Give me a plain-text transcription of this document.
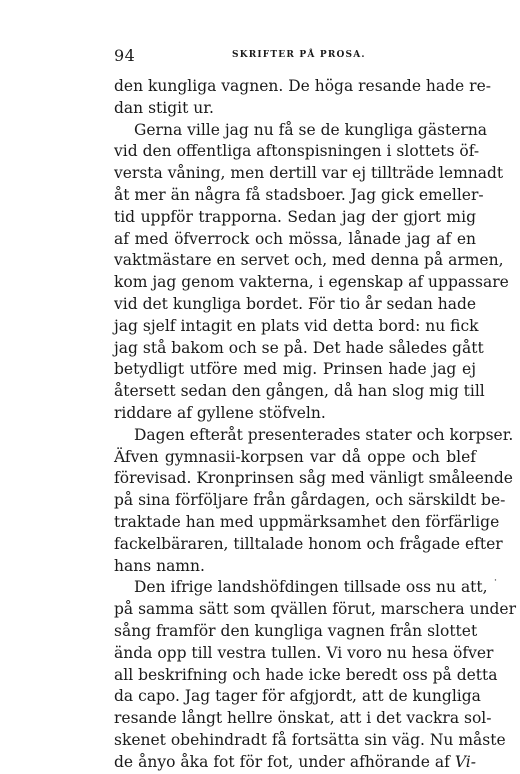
94	SKRIFTER PÅ PROSA.
den kungliga vagnen. De höga resande hade re-
dan stigit ur.
Gerna ville jag nu få se de kungliga gästerna
vid den offentliga aftonspisningen i slottets öf-
versta våning, men dertill var ej tillträde lemnadt
åt mer än några få stadsboer. Jag gick emeller-
tid uppför trapporna. Sedan jag der gjort mig
af med öfverrock och mössa, lånade jag af en
vaktmästare en servet och, med denna på armen,
kom jag genom vakterna, i egenskap af uppassare
vid det kungliga bordet. För tio år sedan hade
jag sjelf intagit en plats vid detta bord: nu fick
jag stå bakom och se på. Det hade således gått
betydligt utföre med mig. Prinsen hade jag ej
återsett sedan den gången, då han slog mig till
riddare af gyllene stöfveln.
Dagen efteråt presenterades stater och korpser.
Äfven gymnasii-korpsen var då oppe och blef
förevisad. Kronprinsen såg med vänligt småleende
på sina förföljare från gårdagen, och särskildt be-
traktade han med uppmärksamhet den förfärlige
fackelbäraren, tilltalade honom och frågade efter
hans namn.
Den ifrige landshöfdingen tillsade oss nu att,
på samma sätt som qvällen förut, marschera under
sång framför den kungliga vagnen från slottet
ända opp till vestra tullen. Vi voro nu hesa öfver
all beskrifning och hade icke beredt oss på detta
da capo. Jag tager för afgjordt, att de kungliga
resande långt hellre önskat, att i det vackra sol-
skenet obehindradt få fortsätta sin väg. Nu måste
de ånyo åka fot för fot, under afhörande af Vi-
⸱
